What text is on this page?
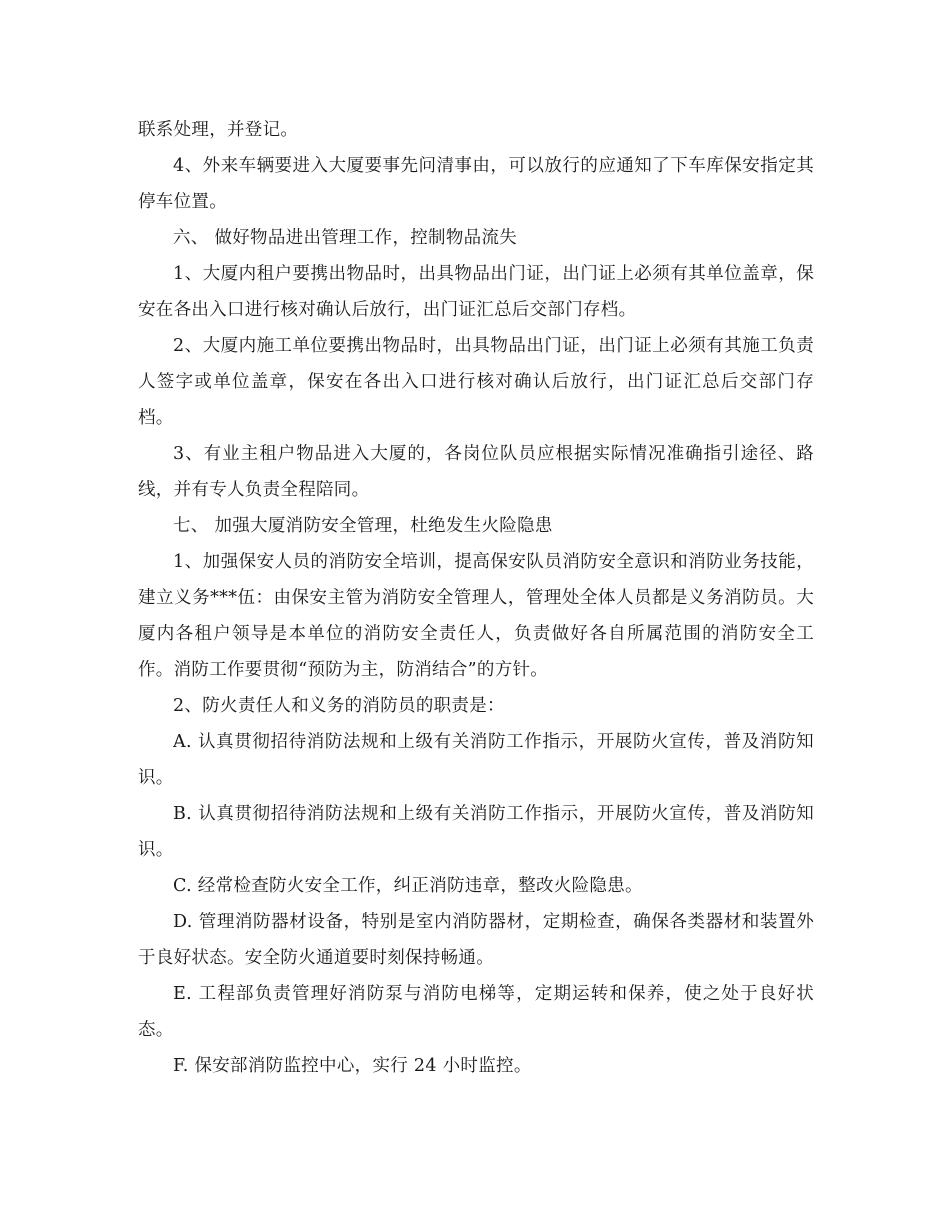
联系处理，并登记。

4、外来车辆要进入大厦要事先问清事由，可以放行的应通知了下车库保安指定其停车位置。

六、 做好物品进出管理工作，控制物品流失

1、大厦内租户要携出物品时，出具物品出门证，出门证上必须有其单位盖章，保安在各出入口进行核对确认后放行，出门证汇总后交部门存档。

2、大厦内施工单位要携出物品时，出具物品出门证，出门证上必须有其施工负责人签字或单位盖章，保安在各出入口进行核对确认后放行，出门证汇总后交部门存档。

3、有业主租户物品进入大厦的，各岗位队员应根据实际情况准确指引途径、路线，并有专人负责全程陪同。

七、 加强大厦消防安全管理，杜绝发生火险隐患

1、加强保安人员的消防安全培训，提高保安队员消防安全意识和消防业务技能，建立义务***伍：由保安主管为消防安全管理人，管理处全体人员都是义务消防员。大厦内各租户领导是本单位的消防安全责任人，负责做好各自所属范围的消防安全工作。消防工作要贯彻“预防为主，防消结合”的方针。

2、防火责任人和义务的消防员的职责是：

A. 认真贯彻招待消防法规和上级有关消防工作指示，开展防火宣传，普及消防知识。

B. 认真贯彻招待消防法规和上级有关消防工作指示，开展防火宣传，普及消防知识。

C. 经常检查防火安全工作，纠正消防违章，整改火险隐患。

D. 管理消防器材设备，特别是室内消防器材，定期检查，确保各类器材和装置外于良好状态。安全防火通道要时刻保持畅通。

E. 工程部负责管理好消防泵与消防电梯等，定期运转和保养，使之处于良好状态。

F. 保安部消防监控中心，实行 24 小时监控。
